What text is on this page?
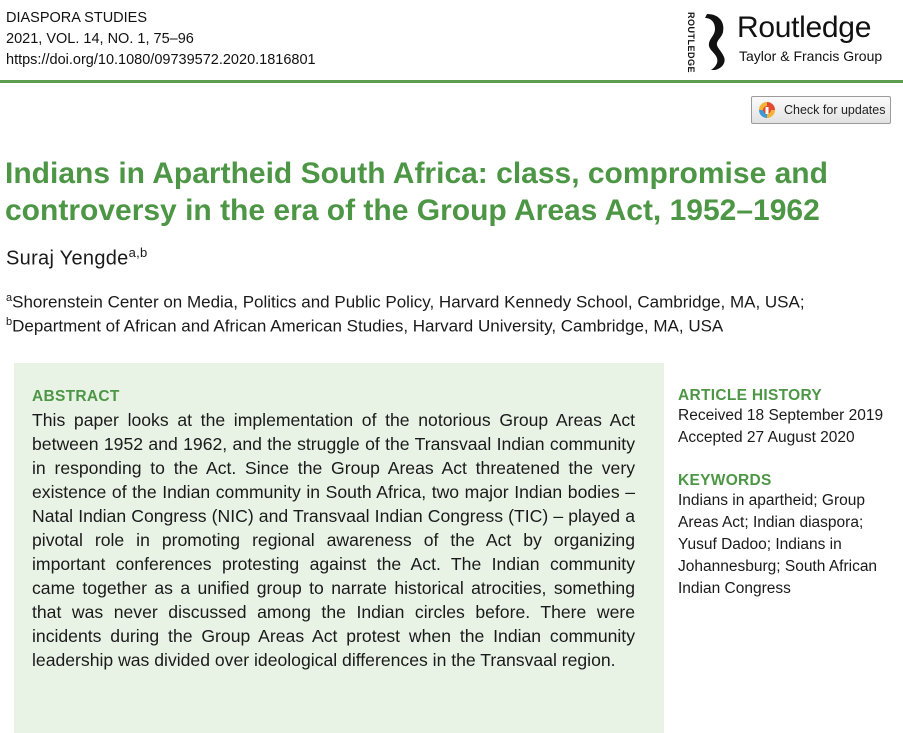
DIASPORA STUDIES
2021, VOL. 14, NO. 1, 75–96
https://doi.org/10.1080/09739572.2020.1816801	ROUTLEDGE Routledge
Taylor & Francis Group
Check for updates
Indians in Apartheid South Africa: class, compromise and controversy in the era of the Group Areas Act, 1952–1962
Suraj Yengde$^{a,b}$
$^a$Shorenstein Center on Media, Politics and Public Policy, Harvard Kennedy School, Cambridge, MA, USA;
$^b$Department of African and African American Studies, Harvard University, Cambridge, MA, USA
ABSTRACT

This paper looks at the implementation of the notorious Group Areas Act between 1952 and 1962, and the struggle of the Transvaal Indian community in responding to the Act. Since the Group Areas Act threatened the very existence of the Indian community in South Africa, two major Indian bodies – Natal Indian Congress (NIC) and Transvaal Indian Congress (TIC) – played a pivotal role in promoting regional awareness of the Act by organizing important conferences protesting against the Act. The Indian community came together as a unified group to narrate historical atrocities, something that was never discussed among the Indian circles before. There were incidents during the Group Areas Act protest when the Indian community leadership was divided over ideological differences in the Transvaal region.

ARTICLE HISTORY
Received 18 September 2019
Accepted 27 August 2020
KEYWORDS
Indians in apartheid; Group Areas Act; Indian diaspora; Yusuf Dadoo; Indians in Johannesburg; South African Indian Congress
